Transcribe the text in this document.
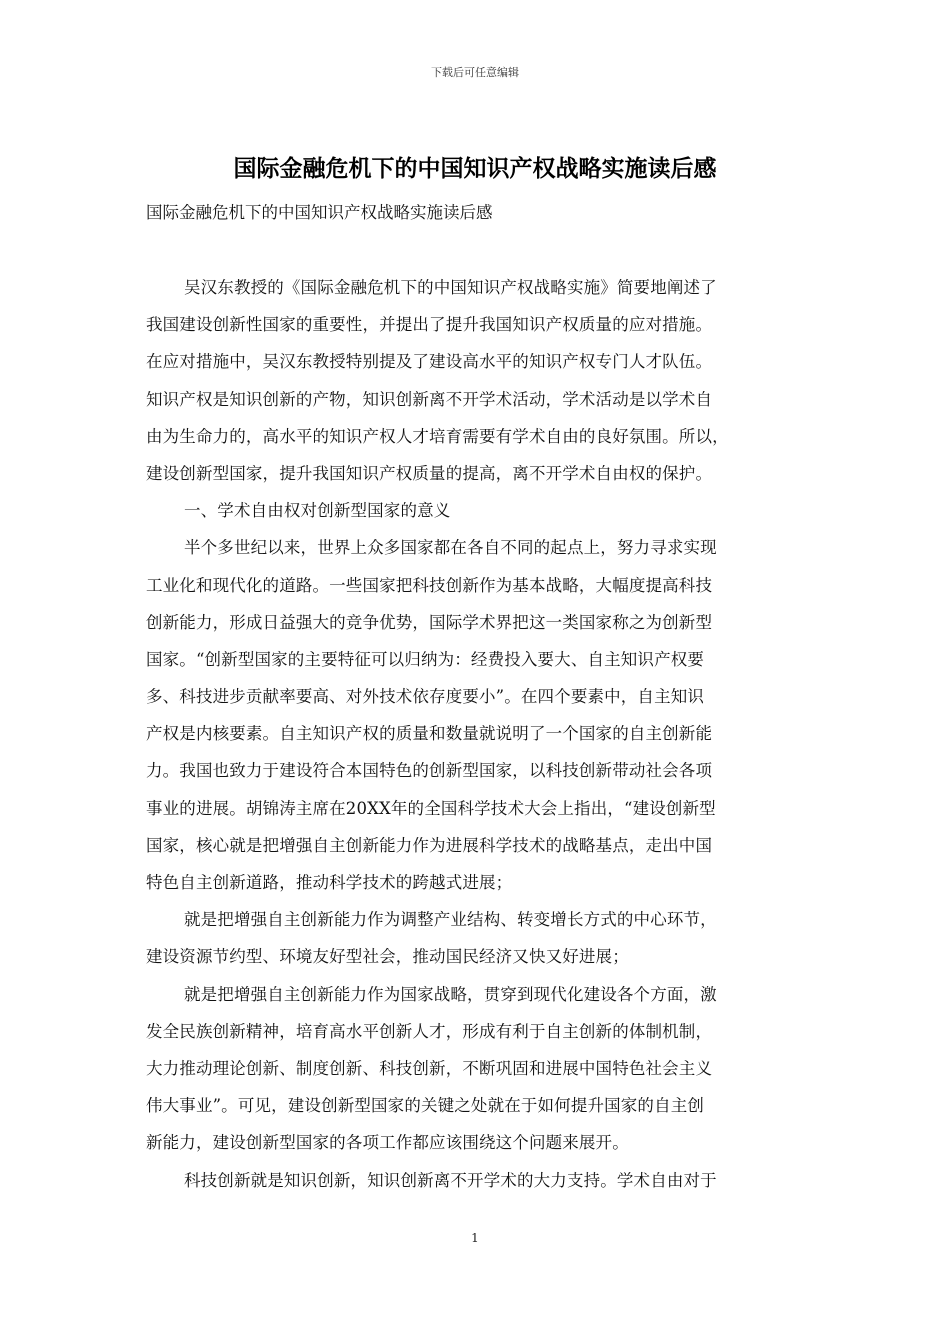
下载后可任意编辑
国际金融危机下的中国知识产权战略实施读后感

国际金融危机下的中国知识产权战略实施读后感

吴汉东教授的《国际金融危机下的中国知识产权战略实施》简要地阐述了
我国建设创新性国家的重要性，并提出了提升我国知识产权质量的应对措施。
在应对措施中，吴汉东教授特别提及了建设高水平的知识产权专门人才队伍。
知识产权是知识创新的产物，知识创新离不开学术活动，学术活动是以学术自
由为生命力的，高水平的知识产权人才培育需要有学术自由的良好氛围。所以，
建设创新型国家，提升我国知识产权质量的提高，离不开学术自由权的保护。
一、学术自由权对创新型国家的意义
半个多世纪以来，世界上众多国家都在各自不同的起点上，努力寻求实现
工业化和现代化的道路。一些国家把科技创新作为基本战略，大幅度提高科技
创新能力，形成日益强大的竞争优势，国际学术界把这一类国家称之为创新型
国家。“创新型国家的主要特征可以归纳为：经费投入要大、自主知识产权要
多、科技进步贡献率要高、对外技术依存度要小”。在四个要素中，自主知识
产权是内核要素。自主知识产权的质量和数量就说明了一个国家的自主创新能
力。我国也致力于建设符合本国特色的创新型国家，以科技创新带动社会各项
事业的进展。胡锦涛主席在20XX年的全国科学技术大会上指出，“建设创新型
国家，核心就是把增强自主创新能力作为进展科学技术的战略基点，走出中国
特色自主创新道路，推动科学技术的跨越式进展；
就是把增强自主创新能力作为调整产业结构、转变增长方式的中心环节，
建设资源节约型、环境友好型社会，推动国民经济又快又好进展；
就是把增强自主创新能力作为国家战略，贯穿到现代化建设各个方面，激
发全民族创新精神，培育高水平创新人才，形成有利于自主创新的体制机制，
大力推动理论创新、制度创新、科技创新，不断巩固和进展中国特色社会主义
伟大事业”。可见，建设创新型国家的关键之处就在于如何提升国家的自主创
新能力，建设创新型国家的各项工作都应该围绕这个问题来展开。
科技创新就是知识创新，知识创新离不开学术的大力支持。学术自由对于
1
